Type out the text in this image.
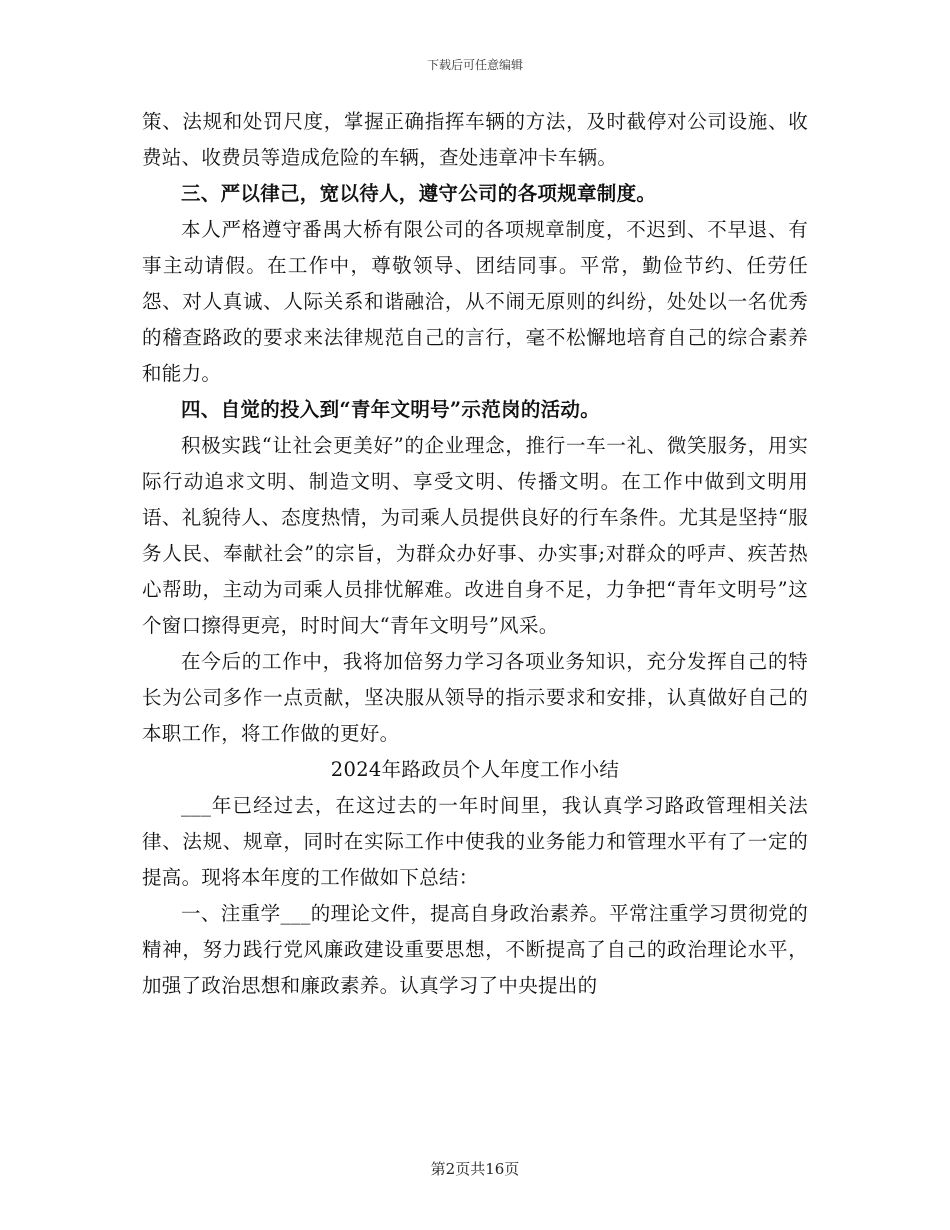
下载后可任意编辑

策、法规和处罚尺度，掌握正确指挥车辆的方法，及时截停对公司设施、收费站、收费员等造成危险的车辆，查处违章冲卡车辆。

三、严以律己，宽以待人，遵守公司的各项规章制度。

本人严格遵守番禺大桥有限公司的各项规章制度，不迟到、不早退、有事主动请假。在工作中，尊敬领导、团结同事。平常，勤俭节约、任劳任怨、对人真诚、人际关系和谐融洽，从不闹无原则的纠纷，处处以一名优秀的稽查路政的要求来法律规范自己的言行，毫不松懈地培育自己的综合素养和能力。

四、自觉的投入到“青年文明号”示范岗的活动。

积极实践“让社会更美好”的企业理念，推行一车一礼、微笑服务，用实际行动追求文明、制造文明、享受文明、传播文明。在工作中做到文明用语、礼貌待人、态度热情，为司乘人员提供良好的行车条件。尤其是坚持“服务人民、奉献社会”的宗旨，为群众办好事、办实事;对群众的呼声、疾苦热心帮助，主动为司乘人员排忧解难。改进自身不足，力争把“青年文明号”这个窗口擦得更亮，时时间大“青年文明号”风采。

在今后的工作中，我将加倍努力学习各项业务知识，充分发挥自己的特长为公司多作一点贡献，坚决服从领导的指示要求和安排，认真做好自己的本职工作，将工作做的更好。

2024年路政员个人年度工作小结

___年已经过去，在这过去的一年时间里，我认真学习路政管理相关法律、法规、规章，同时在实际工作中使我的业务能力和管理水平有了一定的提高。现将本年度的工作做如下总结：

一、注重学___的理论文件，提高自身政治素养。平常注重学习贯彻党的精神，努力践行党风廉政建设重要思想，不断提高了自己的政治理论水平，加强了政治思想和廉政素养。认真学习了中央提出的

第2页共16页
